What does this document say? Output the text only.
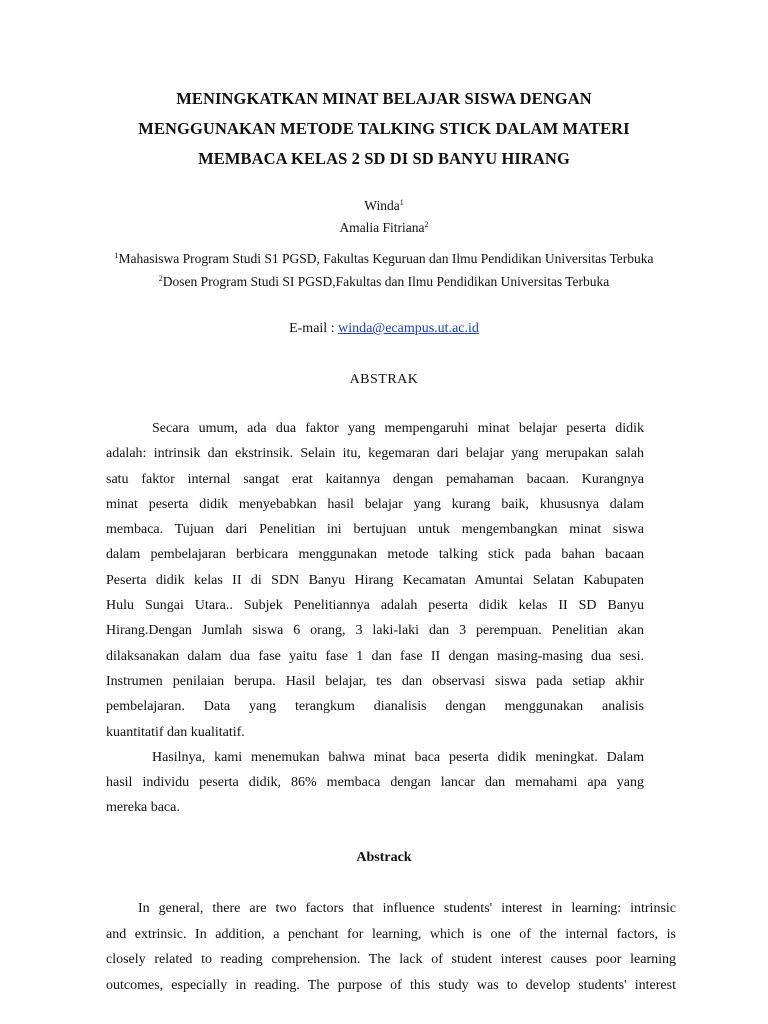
MENINGKATKAN MINAT BELAJAR SISWA DENGAN
MENGGUNAKAN METODE TALKING STICK DALAM MATERI
MEMBACA KELAS 2 SD DI SD BANYU HIRANG
Winda$^1$
Amalia Fitriana$^2$
$^1$Mahasiswa Program Studi S1 PGSD, Fakultas Keguruan dan Ilmu Pendidikan Universitas Terbuka
$^2$Dosen Program Studi SI PGSD,Fakultas dan Ilmu Pendidikan Universitas Terbuka
E-mail : winda@ecampus.ut.ac.id
ABSTRAK
Secara umum, ada dua faktor yang mempengaruhi minat belajar peserta didik
adalah: intrinsik dan ekstrinsik. Selain itu, kegemaran dari belajar yang merupakan salah
satu faktor internal sangat erat kaitannya dengan pemahaman bacaan. Kurangnya
minat peserta didik menyebabkan hasil belajar yang kurang baik, khususnya dalam
membaca. Tujuan dari Penelitian ini bertujuan untuk mengembangkan minat siswa
dalam pembelajaran berbicara menggunakan metode talking stick pada bahan bacaan
Peserta didik kelas II di SDN Banyu Hirang Kecamatan Amuntai Selatan Kabupaten
Hulu Sungai Utara.. Subjek Penelitiannya adalah peserta didik kelas II SD Banyu
Hirang.Dengan Jumlah siswa 6 orang, 3 laki-laki dan 3 perempuan. Penelitian akan
dilaksanakan dalam dua fase yaitu fase 1 dan fase II dengan masing-masing dua sesi.
Instrumen penilaian berupa. Hasil belajar, tes dan observasi siswa pada setiap akhir
pembelajaran. Data yang terangkum dianalisis dengan menggunakan analisis
kuantitatif dan kualitatif.
Hasilnya, kami menemukan bahwa minat baca peserta didik meningkat. Dalam
hasil individu peserta didik, 86% membaca dengan lancar dan memahami apa yang
mereka baca.
Abstrack
In general, there are two factors that influence students' interest in learning: intrinsic
and extrinsic. In addition, a penchant for learning, which is one of the internal factors, is
closely related to reading comprehension. The lack of student interest causes poor learning
outcomes, especially in reading. The purpose of this study was to develop students' interest
